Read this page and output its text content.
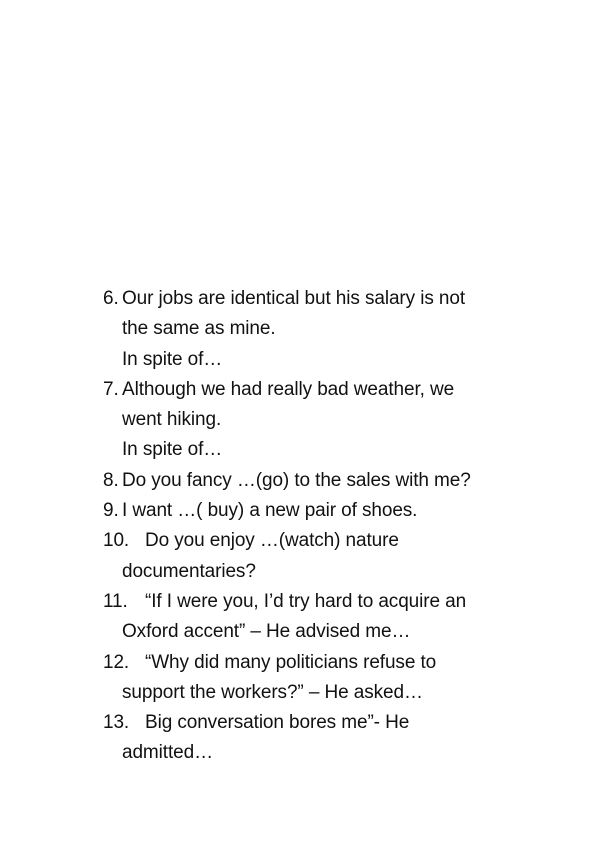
6. Our jobs are identical but his salary is not
the same as mine.
In spite of…
7. Although we had really bad weather, we
went hiking.
In spite of…
8. Do you fancy …(go) to the sales with me?
9. I want …( buy) a new pair of shoes.
10. Do you enjoy …(watch) nature
documentaries?
11. “If I were you, I’d try hard to acquire an
Oxford accent” – He advised me…
12. “Why did many politicians refuse to
support the workers?” – He asked…
13. Big conversation bores me”- He
admitted…
